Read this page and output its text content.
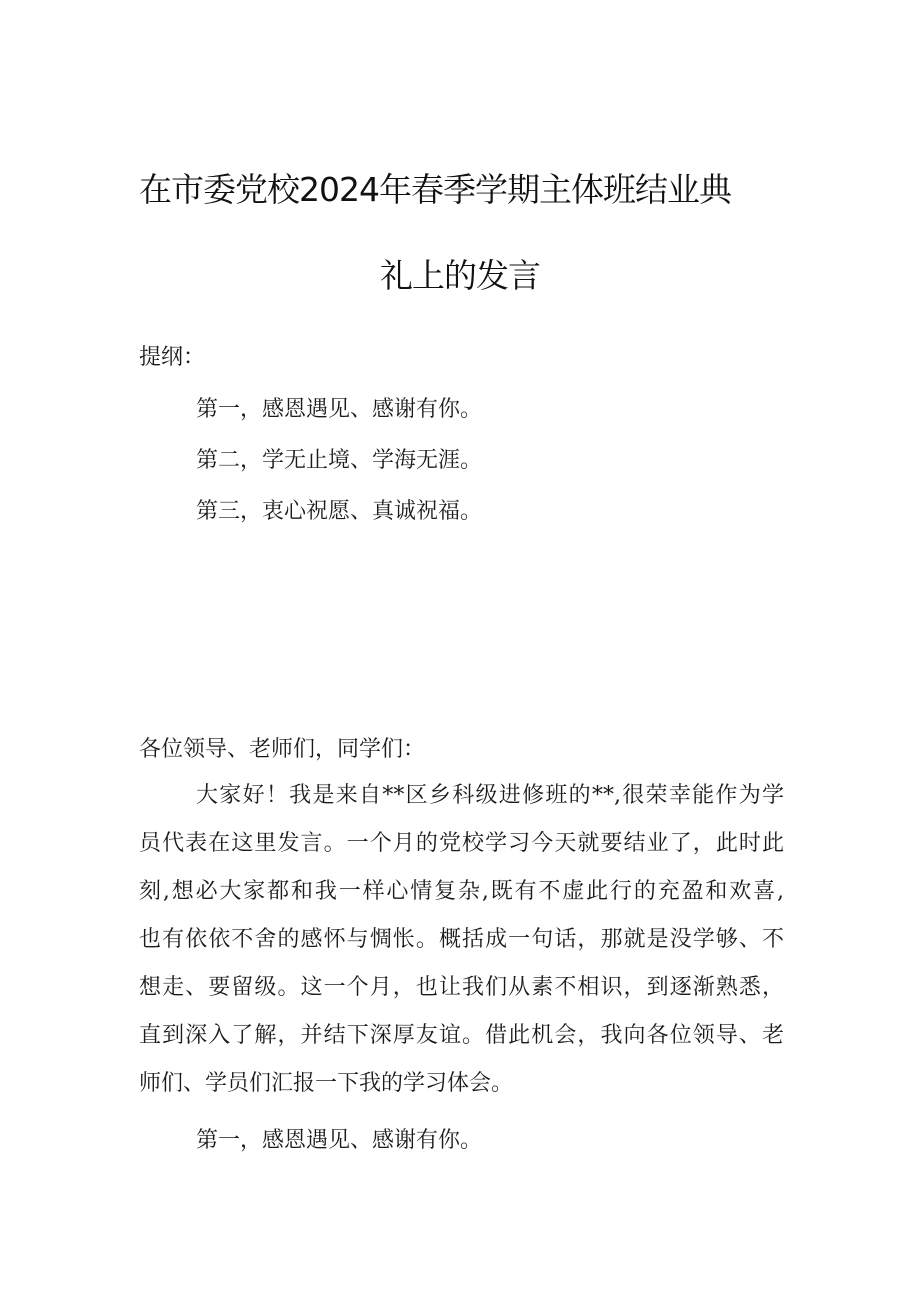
在市委党校2024年春季学期主体班结业典
礼上的发言
提纲：
第一，感恩遇见、感谢有你。
第二，学无止境、学海无涯。
第三，衷心祝愿、真诚祝福。
各位领导、老师们，同学们：
大家好！我是来自**区乡科级进修班的**,很荣幸能作为学
员代表在这里发言。一个月的党校学习今天就要结业了，此时此
刻,想必大家都和我一样心情复杂,既有不虚此行的充盈和欢喜,
也有依依不舍的感怀与惆怅。概括成一句话，那就是没学够、不
想走、要留级。这一个月，也让我们从素不相识，到逐渐熟悉，
直到深入了解，并结下深厚友谊。借此机会，我向各位领导、老
师们、学员们汇报一下我的学习体会。
第一，感恩遇见、感谢有你。
